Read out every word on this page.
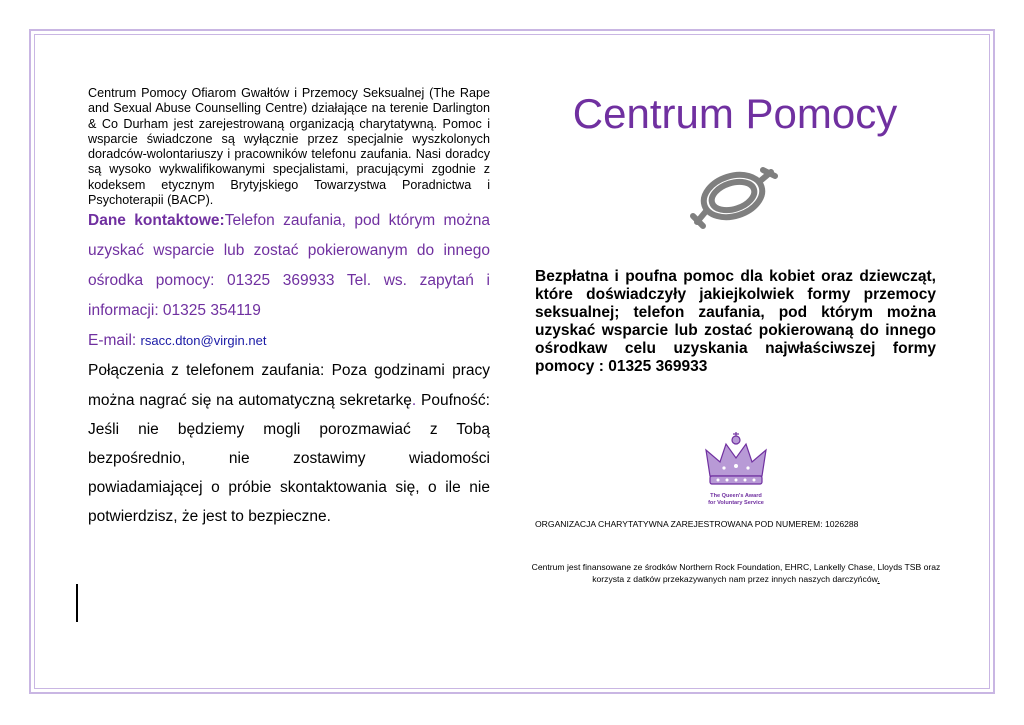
Centrum Pomocy Ofiarom Gwałtów i Przemocy Seksualnej (The Rape and Sexual Abuse Counselling Centre) działające na terenie Darlington & Co Durham jest zarejestrowaną organizacją charytatywną. Pomoc i wsparcie świadczone są wyłącznie przez specjalnie wyszkolonych doradców-wolontariuszy i pracowników telefonu zaufania. Nasi doradcy są wysoko wykwalifikowanymi specjalistami, pracującymi zgodnie z kodeksem etycznym Brytyjskiego Towarzystwa Poradnictwa i Psychoterapii (BACP).

Dane kontaktowe:Telefon zaufania, pod którym można uzyskać wsparcie lub zostać pokierowanym do innego ośrodka pomocy: 01325 369933 Tel. ws. zapytań i informacji: 01325 354119

E-mail: rsacc.dton@virgin.net

Połączenia z telefonem zaufania: Poza godzinami pracy można nagrać się na automatyczną sekretarkę. Poufność: Jeśli nie będziemy mogli porozmawiać z Tobą bezpośrednio, nie zostawimy wiadomości powiadamiającej o próbie skontaktowania się, o ile nie potwierdzisz, że jest to bezpieczne.

Centrum Pomocy

Bezpłatna i poufna pomoc dla kobiet oraz dziewcząt, które doświadczyły jakiejkolwiek formy przemocy seksualnej; telefon zaufania, pod którym można uzyskać wsparcie lub zostać pokierowaną do innego ośrodkaw celu uzyskania najwłaściwszej formy pomocy : 01325 369933

The Queen's Award
for Voluntary Service

ORGANIZACJA CHARYTATYWNA ZAREJESTROWANA POD NUMEREM: 1026288

Centrum jest finansowane ze środków Northern Rock Foundation, EHRC, Lankelly Chase, Lloyds TSB oraz korzysta z datków przekazywanych nam przez innych naszych darczyńców.
